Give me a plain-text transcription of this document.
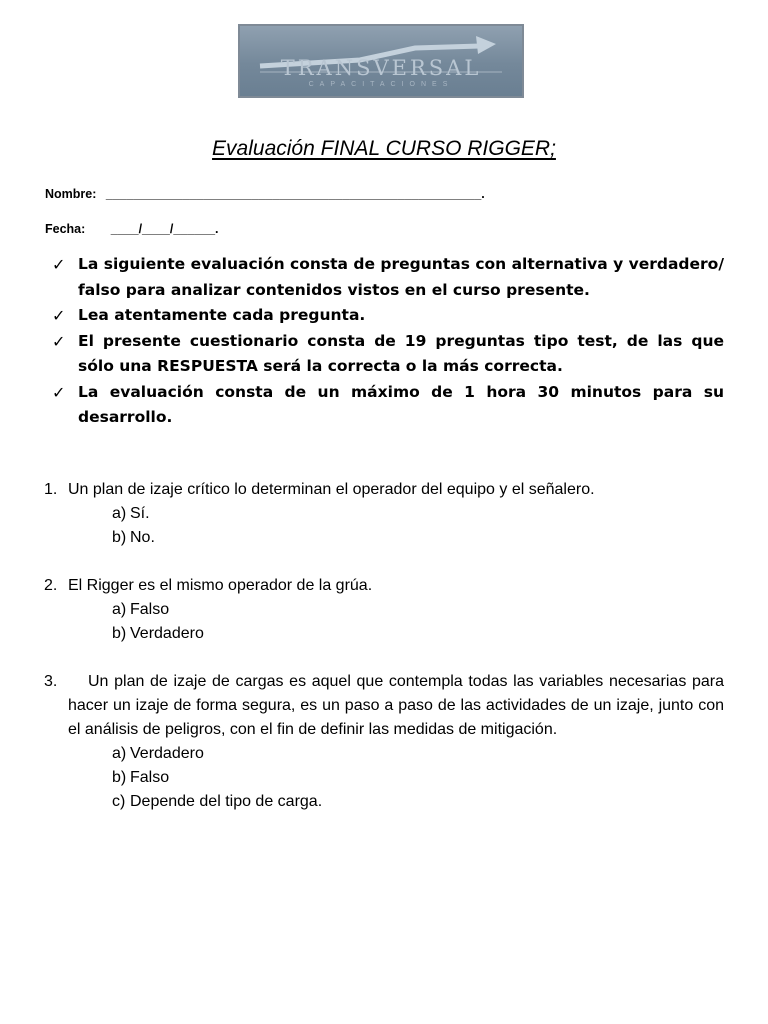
TRANSVERSAL
CAPACITACIONES
Evaluación FINAL CURSO RIGGER;
Nombre: ______________________________________________________.
Fecha: ____/____/______.
✓ La siguiente evaluación consta de preguntas con alternativa y verdadero/ falso para analizar contenidos vistos en el curso presente.
✓ Lea atentamente cada pregunta.
✓ El presente cuestionario consta de 19 preguntas tipo test, de las que sólo una RESPUESTA será la correcta o la más correcta.
✓ La evaluación consta de un máximo de 1 hora 30 minutos para su desarrollo.
1. Un plan de izaje crítico lo determinan el operador del equipo y el señalero.
a) Sí.
b) No.
2. El Rigger es el mismo operador de la grúa.
a) Falso
b) Verdadero
3. Un plan de izaje de cargas es aquel que contempla todas las variables necesarias para hacer un izaje de forma segura, es un paso a paso de las actividades de un izaje, junto con el análisis de peligros, con el fin de definir las medidas de mitigación.
a) Verdadero
b) Falso
c) Depende del tipo de carga.
